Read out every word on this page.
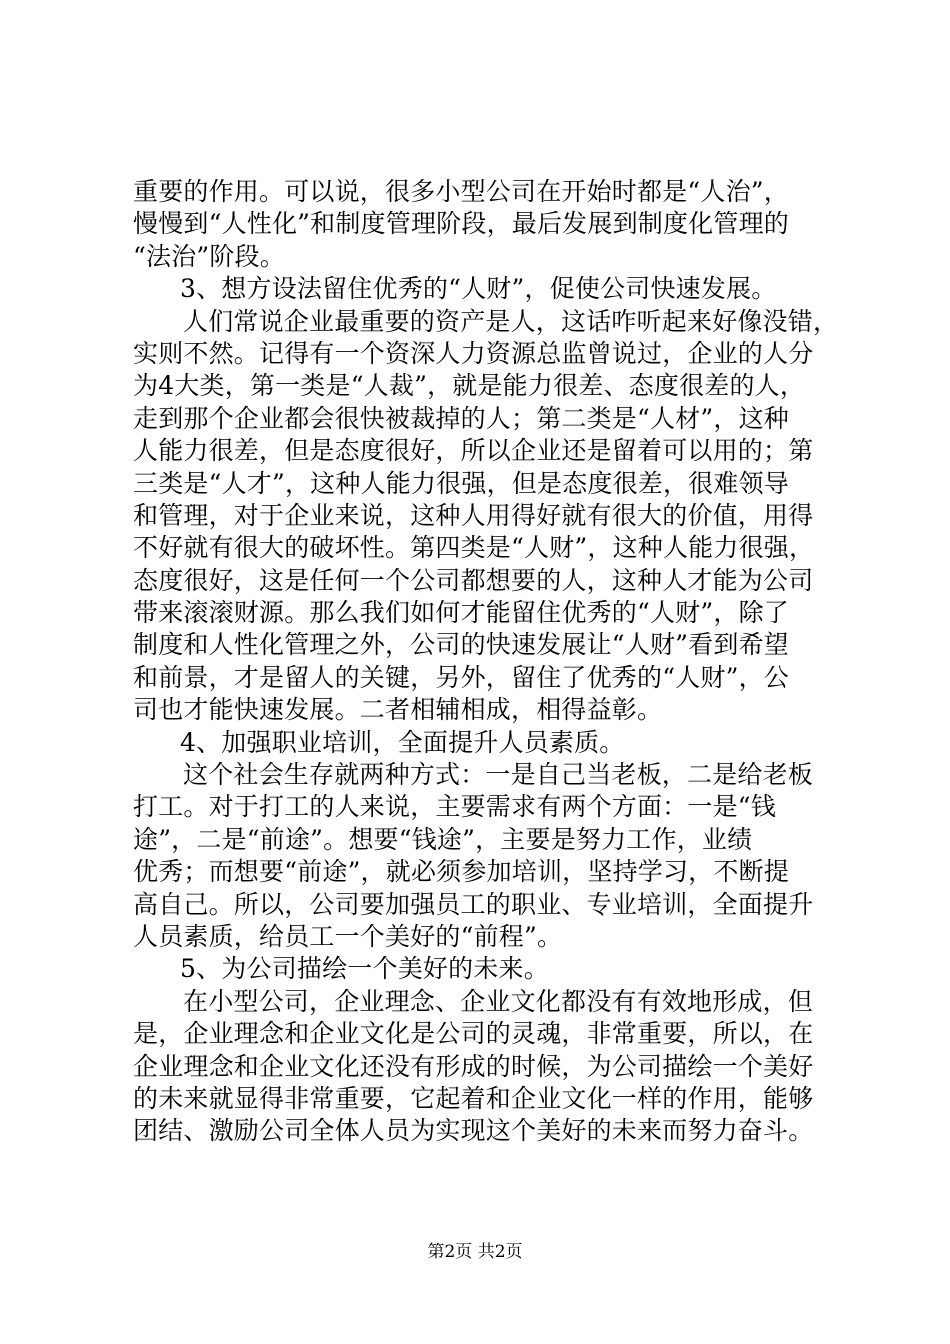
重要的作用。可以说，很多小型公司在开始时都是“人治”，
慢慢到“人性化”和制度管理阶段，最后发展到制度化管理的
“法治”阶段。
3、想方设法留住优秀的“人财”，促使公司快速发展。
人们常说企业最重要的资产是人，这话咋听起来好像没错，
实则不然。记得有一个资深人力资源总监曾说过，企业的人分
为4大类，第一类是“人裁”，就是能力很差、态度很差的人，
走到那个企业都会很快被裁掉的人；第二类是“人材”，这种
人能力很差，但是态度很好，所以企业还是留着可以用的；第
三类是“人才”，这种人能力很强，但是态度很差，很难领导
和管理，对于企业来说，这种人用得好就有很大的价值，用得
不好就有很大的破坏性。第四类是“人财”，这种人能力很强，
态度很好，这是任何一个公司都想要的人，这种人才能为公司
带来滚滚财源。那么我们如何才能留住优秀的“人财”，除了
制度和人性化管理之外，公司的快速发展让“人财”看到希望
和前景，才是留人的关键，另外，留住了优秀的“人财”，公
司也才能快速发展。二者相辅相成，相得益彰。
4、加强职业培训，全面提升人员素质。
这个社会生存就两种方式：一是自己当老板，二是给老板
打工。对于打工的人来说，主要需求有两个方面：一是“钱
途”，二是“前途”。想要“钱途”，主要是努力工作，业绩
优秀；而想要“前途”，就必须参加培训，坚持学习，不断提
高自己。所以，公司要加强员工的职业、专业培训，全面提升
人员素质，给员工一个美好的“前程”。
5、为公司描绘一个美好的未来。
在小型公司，企业理念、企业文化都没有有效地形成，但
是，企业理念和企业文化是公司的灵魂，非常重要，所以，在
企业理念和企业文化还没有形成的时候，为公司描绘一个美好
的未来就显得非常重要，它起着和企业文化一样的作用，能够
团结、激励公司全体人员为实现这个美好的未来而努力奋斗。
第2页 共2页
